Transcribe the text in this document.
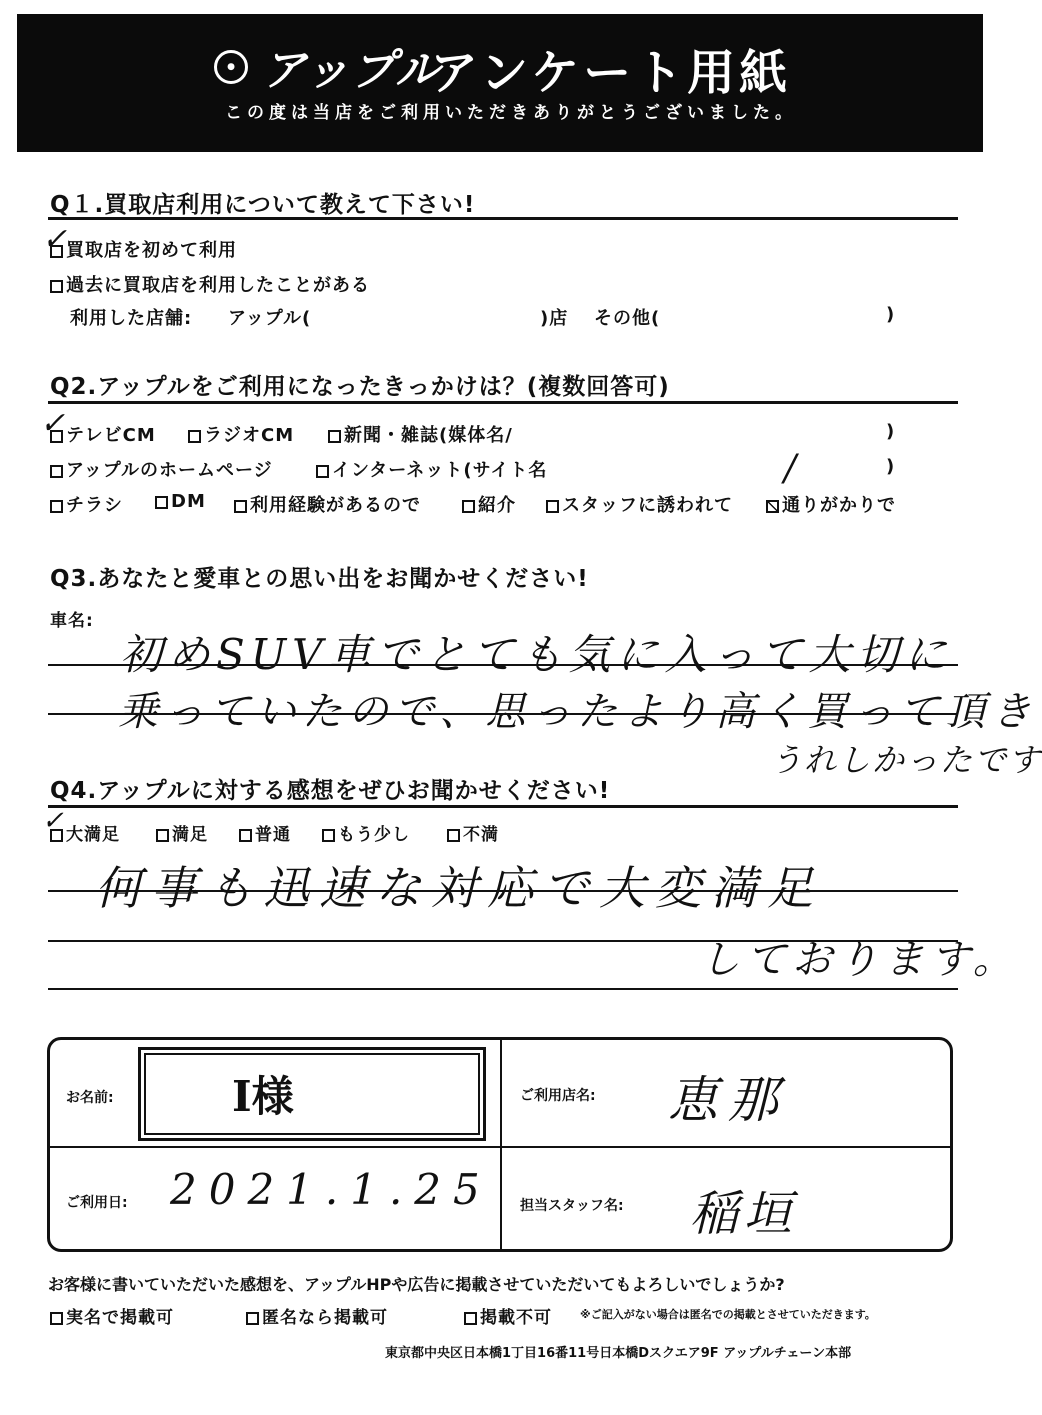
● アップル
アンケート用紙
この度は当店をご利用いただきありがとうございました。
Q１.買取店利用について教えて下さい!
✓
買取店を初めて利用
過去に買取店を利用したことがある
利用した店舗: アップル(	)店 その他(	)
Q2.アップルをご利用になったきっかけは？(複数回答可)
✓ テレビCM	ラジオCM	新聞・雑誌(媒体名/	)
アップルのホームページ	インターネット(サイト名	)
チラシ	DM	利用経験があるので	紹介	スタッフに誘われて
/
通りがかりで
Q3.あなたと愛車との思い出をお聞かせください!
車名:
初めSUV車でとても気に入って大切に
乗っていたので、思ったより高く買って頂き
うれしかったです
Q4.アップルに対する感想をぜひお聞かせください!
✓ 大満足	満足	普通	もう少し	不満
何事も迅速な対応で大変満足
しております。
お名前:	I様	ご利用店名: 恵那
ご利用日: 2021.1.25 担当スタッフ名: 稲垣
お客様に書いていただいた感想を、アップルHPや広告に掲載させていただいてもよろしいでしょうか?
実名で掲載可	匿名なら掲載可	掲載不可	※ご記入がない場合は匿名での掲載とさせていただきます。
東京都中央区日本橋1丁目16番11号日本橋Dスクエア9F アップルチェーン本部
